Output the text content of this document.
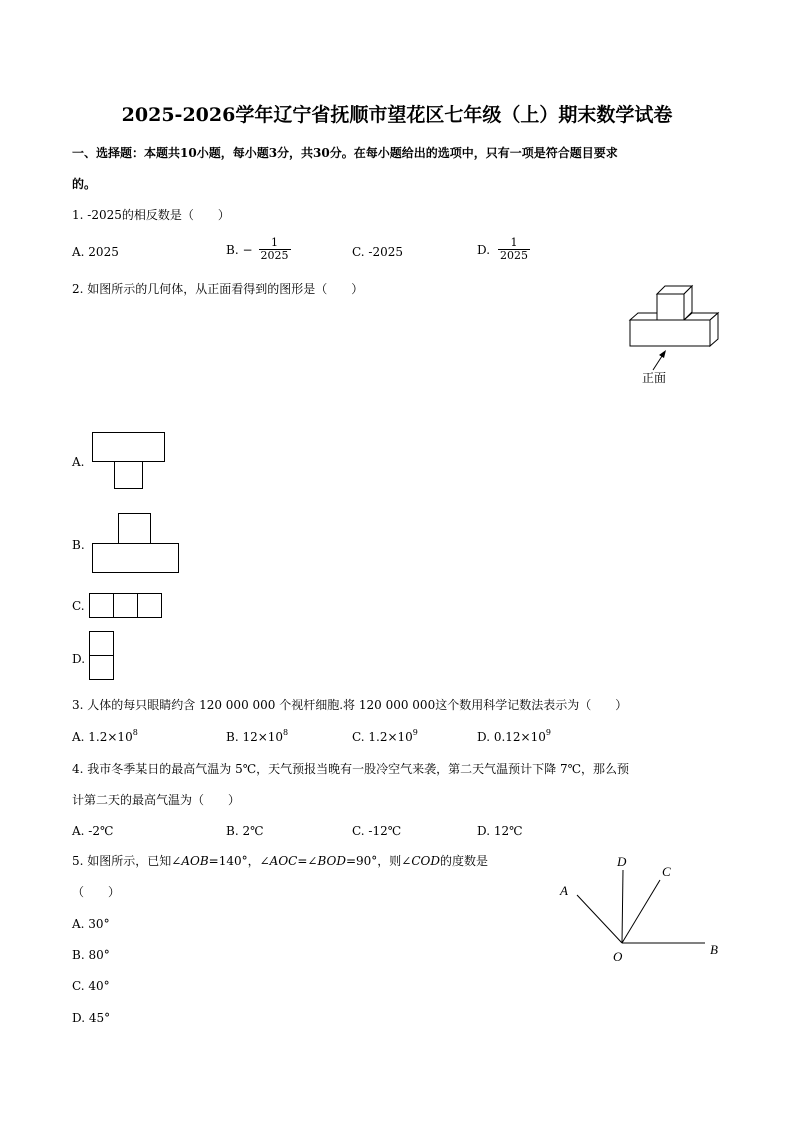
2025-2026学年辽宁省抚顺市望花区七年级（上）期末数学试卷
一、选择题：本题共10小题，每小题3分，共30分。在每小题给出的选项中，只有一项是符合题目要求
的。
1. -2025的相反数是（　　）
A. 2025	B. − $\frac{1}{2025}$	C. -2025	D. $\frac{1}{2025}$
2. 如图所示的几何体，从正面看得到的图形是（　　）
正面
A.
B.
C.
D.
3. 人体的每只眼睛约含 120 000 000 个视杆细胞.将 120 000 000这个数用科学记数法表示为（　　）
A. $1.2\times 10^8$	B. $12\times 10^8$	C. $1.2\times 10^9$	D. $0.12\times 10^9$
4. 我市冬季某日的最高气温为 5℃，天气预报当晚有一股冷空气来袭，第二天气温预计下降 7℃，那么预
计第二天的最高气温为（　　）
A. -2℃	B. 2℃	C. -12℃	D. 12℃
5. 如图所示，已知∠AOB=140°，∠AOC=∠BOD=90°，则∠COD的度数是
（　　）
A. 30°
B. 80°
C. 40°
D. 45°
A
D
C
B
O
